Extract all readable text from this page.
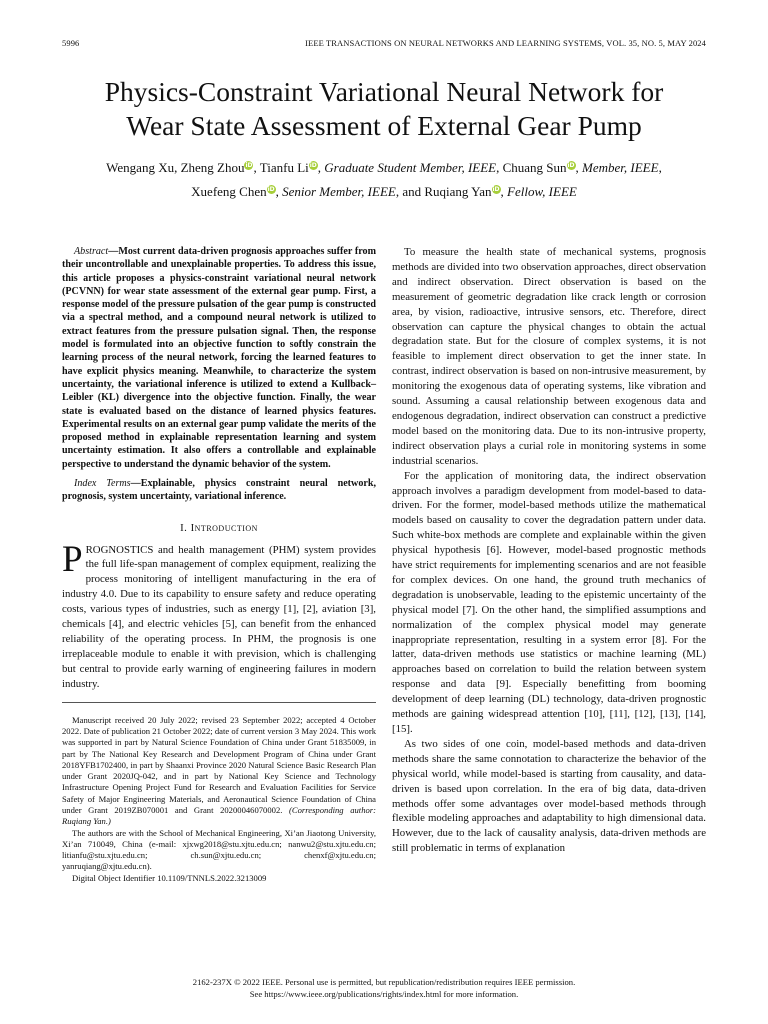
5996	IEEE TRANSACTIONS ON NEURAL NETWORKS AND LEARNING SYSTEMS, VOL. 35, NO. 5, MAY 2024
Physics-Constraint Variational Neural Network for
Wear State Assessment of External Gear Pump
Wengang Xu, Zheng ZhouiD, Tianfu LiiD, Graduate Student Member, IEEE, Chuang SuniD, Member, IEEE,
Xuefeng CheniD, Senior Member, IEEE, and Ruqiang YaniD, Fellow, IEEE

Abstract—Most current data-driven prognosis approaches suffer from their uncontrollable and unexplainable properties. To address this issue, this article proposes a physics-constraint variational neural network (PCVNN) for wear state assessment of the external gear pump. First, a response model of the pressure pulsation of the gear pump is constructed via a spectral method, and a compound neural network is utilized to extract features from the pressure pulsation signal. Then, the response model is formulated into an objective function to softly constrain the learning process of the neural network, forcing the learned features to have explicit physics meaning. Meanwhile, to characterize the system uncertainty, the variational inference is utilized to extend a Kullback–Leibler (KL) divergence into the objective function. Finally, the wear state is evaluated based on the distance of learned physics features. Experimental results on an external gear pump validate the merits of the proposed method in explainable representation learning and system uncertainty estimation. It also offers a controllable and explainable perspective to understand the dynamic behavior of the system.

Index Terms—Explainable, physics constraint neural network, prognosis, system uncertainty, variational inference.

I. Introduction

PROGNOSTICS and health management (PHM) system provides the full life-span management of complex equipment, realizing the process monitoring of intelligent manufacturing in the era of industry 4.0. Due to its capability to ensure safety and reduce operating costs, various types of industries, such as energy [1], [2], aviation [3], chemicals [4], and electric vehicles [5], can benefit from the enhanced reliability of the operating process. In PHM, the prognosis is one irreplaceable module to enable it with prevision, which is challenging but central to provide early warning of engineering failures in modern industry.

Manuscript received 20 July 2022; revised 23 September 2022; accepted 4 October 2022. Date of publication 21 October 2022; date of current version 3 May 2024. This work was supported in part by Natural Science Foundation of China under Grant 51835009, in part by The National Key Research and Development Program of China under Grant 2018YFB1702400, in part by Shaanxi Province 2020 Natural Science Basic Research Plan under Grant 2020JQ-042, and in part by National Key Science and Technology Infrastructure Opening Project Fund for Research and Evaluation Facilities for Service Safety of Major Engineering Materials, and Aeronautical Science Foundation of China under Grant 2019ZB070001 and Grant 20200046070002. (Corresponding author: Ruqiang Yan.)

The authors are with the School of Mechanical Engineering, Xi’an Jiaotong University, Xi’an 710049, China (e-mail: xjxwg2018@stu.xjtu.edu.cn; nanwu2@stu.xjtu.edu.cn; litianfu@stu.xjtu.edu.cn; ch.sun@xjtu.edu.cn; chenxf@xjtu.edu.cn; yanruqiang@xjtu.edu.cn).

Digital Object Identifier 10.1109/TNNLS.2022.3213009

To measure the health state of mechanical systems, prognosis methods are divided into two observation approaches, direct observation and indirect observation. Direct observation is based on the measurement of geometric degradation like crack length or corrosion area, by vision, radioactive, intrusive sensors, etc. Therefore, direct observation can capture the physical changes to obtain the actual degradation state. But for the closure of complex systems, it is not feasible to implement direct observation to get the inner state. In contrast, indirect observation is based on non-intrusive measurement, by monitoring the exogenous data of operating systems, like vibration and sound. Assuming a causal relationship between exogenous data and endogenous degradation, indirect observation can construct a predictive model based on the monitoring data. Due to its non-intrusive property, indirect observation plays a curial role in monitoring systems in some industrial scenarios.

For the application of monitoring data, the indirect observation approach involves a paradigm development from model-based to data-driven. For the former, model-based methods utilize the mathematical models based on causality to cover the degradation pattern under data. Such white-box methods are complete and explainable within the given physical hypothesis [6]. However, model-based prognostic methods have strict requirements for implementing scenarios and are not feasible for complex devices. On one hand, the ground truth mechanics of degradation is unobservable, leading to the epistemic uncertainty of the physical model [7]. On the other hand, the simplified assumptions and normalization of the complex physical model may generate inappropriate representation, resulting in a system error [8]. For the latter, data-driven methods use statistics or machine learning (ML) approaches based on correlation to build the relation between system response and data [9]. Especially benefitting from booming development of deep learning (DL) technology, data-driven prognostic methods are gaining widespread attention [10], [11], [12], [13], [14], [15].

As two sides of one coin, model-based methods and data-driven methods share the same connotation to characterize the behavior of the physical world, while model-based is starting from causality, and data-driven is based upon correlation. In the era of big data, data-driven methods offer some advantages over model-based methods through flexible modeling approaches and adaptability to high dimensional data. However, due to the lack of causality analysis, data-driven methods are still problematic in terms of explanation

2162-237X © 2022 IEEE. Personal use is permitted, but republication/redistribution requires IEEE permission.
See https://www.ieee.org/publications/rights/index.html for more information.
